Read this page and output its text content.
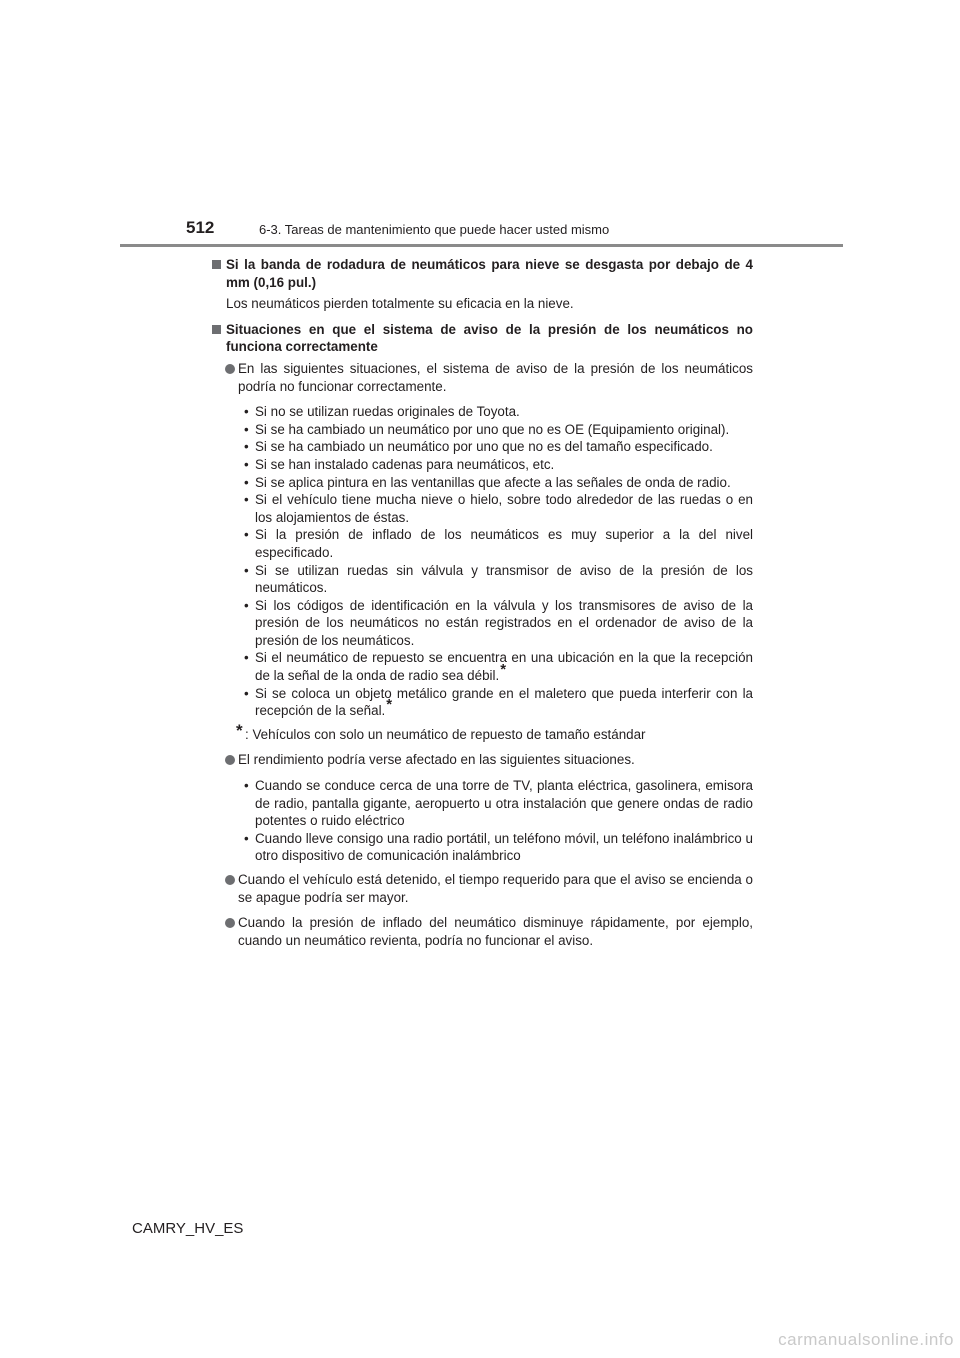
512	6-3. Tareas de mantenimiento que puede hacer usted mismo
Si la banda de rodadura de neumáticos para nieve se desgasta por debajo de 4 mm (0,16 pul.)
Los neumáticos pierden totalmente su eficacia en la nieve.
Situaciones en que el sistema de aviso de la presión de los neumáticos no funciona correctamente
En las siguientes situaciones, el sistema de aviso de la presión de los neumáticos podría no funcionar correctamente.
• Si no se utilizan ruedas originales de Toyota.
• Si se ha cambiado un neumático por uno que no es OE (Equipamiento original).
• Si se ha cambiado un neumático por uno que no es del tamaño especificado.
• Si se han instalado cadenas para neumáticos, etc.
• Si se aplica pintura en las ventanillas que afecte a las señales de onda de radio.
• Si el vehículo tiene mucha nieve o hielo, sobre todo alrededor de las ruedas o en los alojamientos de éstas.
• Si la presión de inflado de los neumáticos es muy superior a la del nivel especificado.
• Si se utilizan ruedas sin válvula y transmisor de aviso de la presión de los neumáticos.
• Si los códigos de identificación en la válvula y los transmisores de aviso de la presión de los neumáticos no están registrados en el ordenador de aviso de la presión de los neumáticos.
• Si el neumático de repuesto se encuentra en una ubicación en la que la recepción de la señal de la onda de radio sea débil.*
• Si se coloca un objeto metálico grande en el maletero que pueda interferir con la recepción de la señal.*
* : Vehículos con solo un neumático de repuesto de tamaño estándar
El rendimiento podría verse afectado en las siguientes situaciones.
• Cuando se conduce cerca de una torre de TV, planta eléctrica, gasolinera, emisora de radio, pantalla gigante, aeropuerto u otra instalación que genere ondas de radio potentes o ruido eléctrico
• Cuando lleve consigo una radio portátil, un teléfono móvil, un teléfono inalámbrico u otro dispositivo de comunicación inalámbrico
Cuando el vehículo está detenido, el tiempo requerido para que el aviso se encienda o se apague podría ser mayor.
Cuando la presión de inflado del neumático disminuye rápidamente, por ejemplo, cuando un neumático revienta, podría no funcionar el aviso.
CAMRY_HV_ES
carmanualsonline.info
